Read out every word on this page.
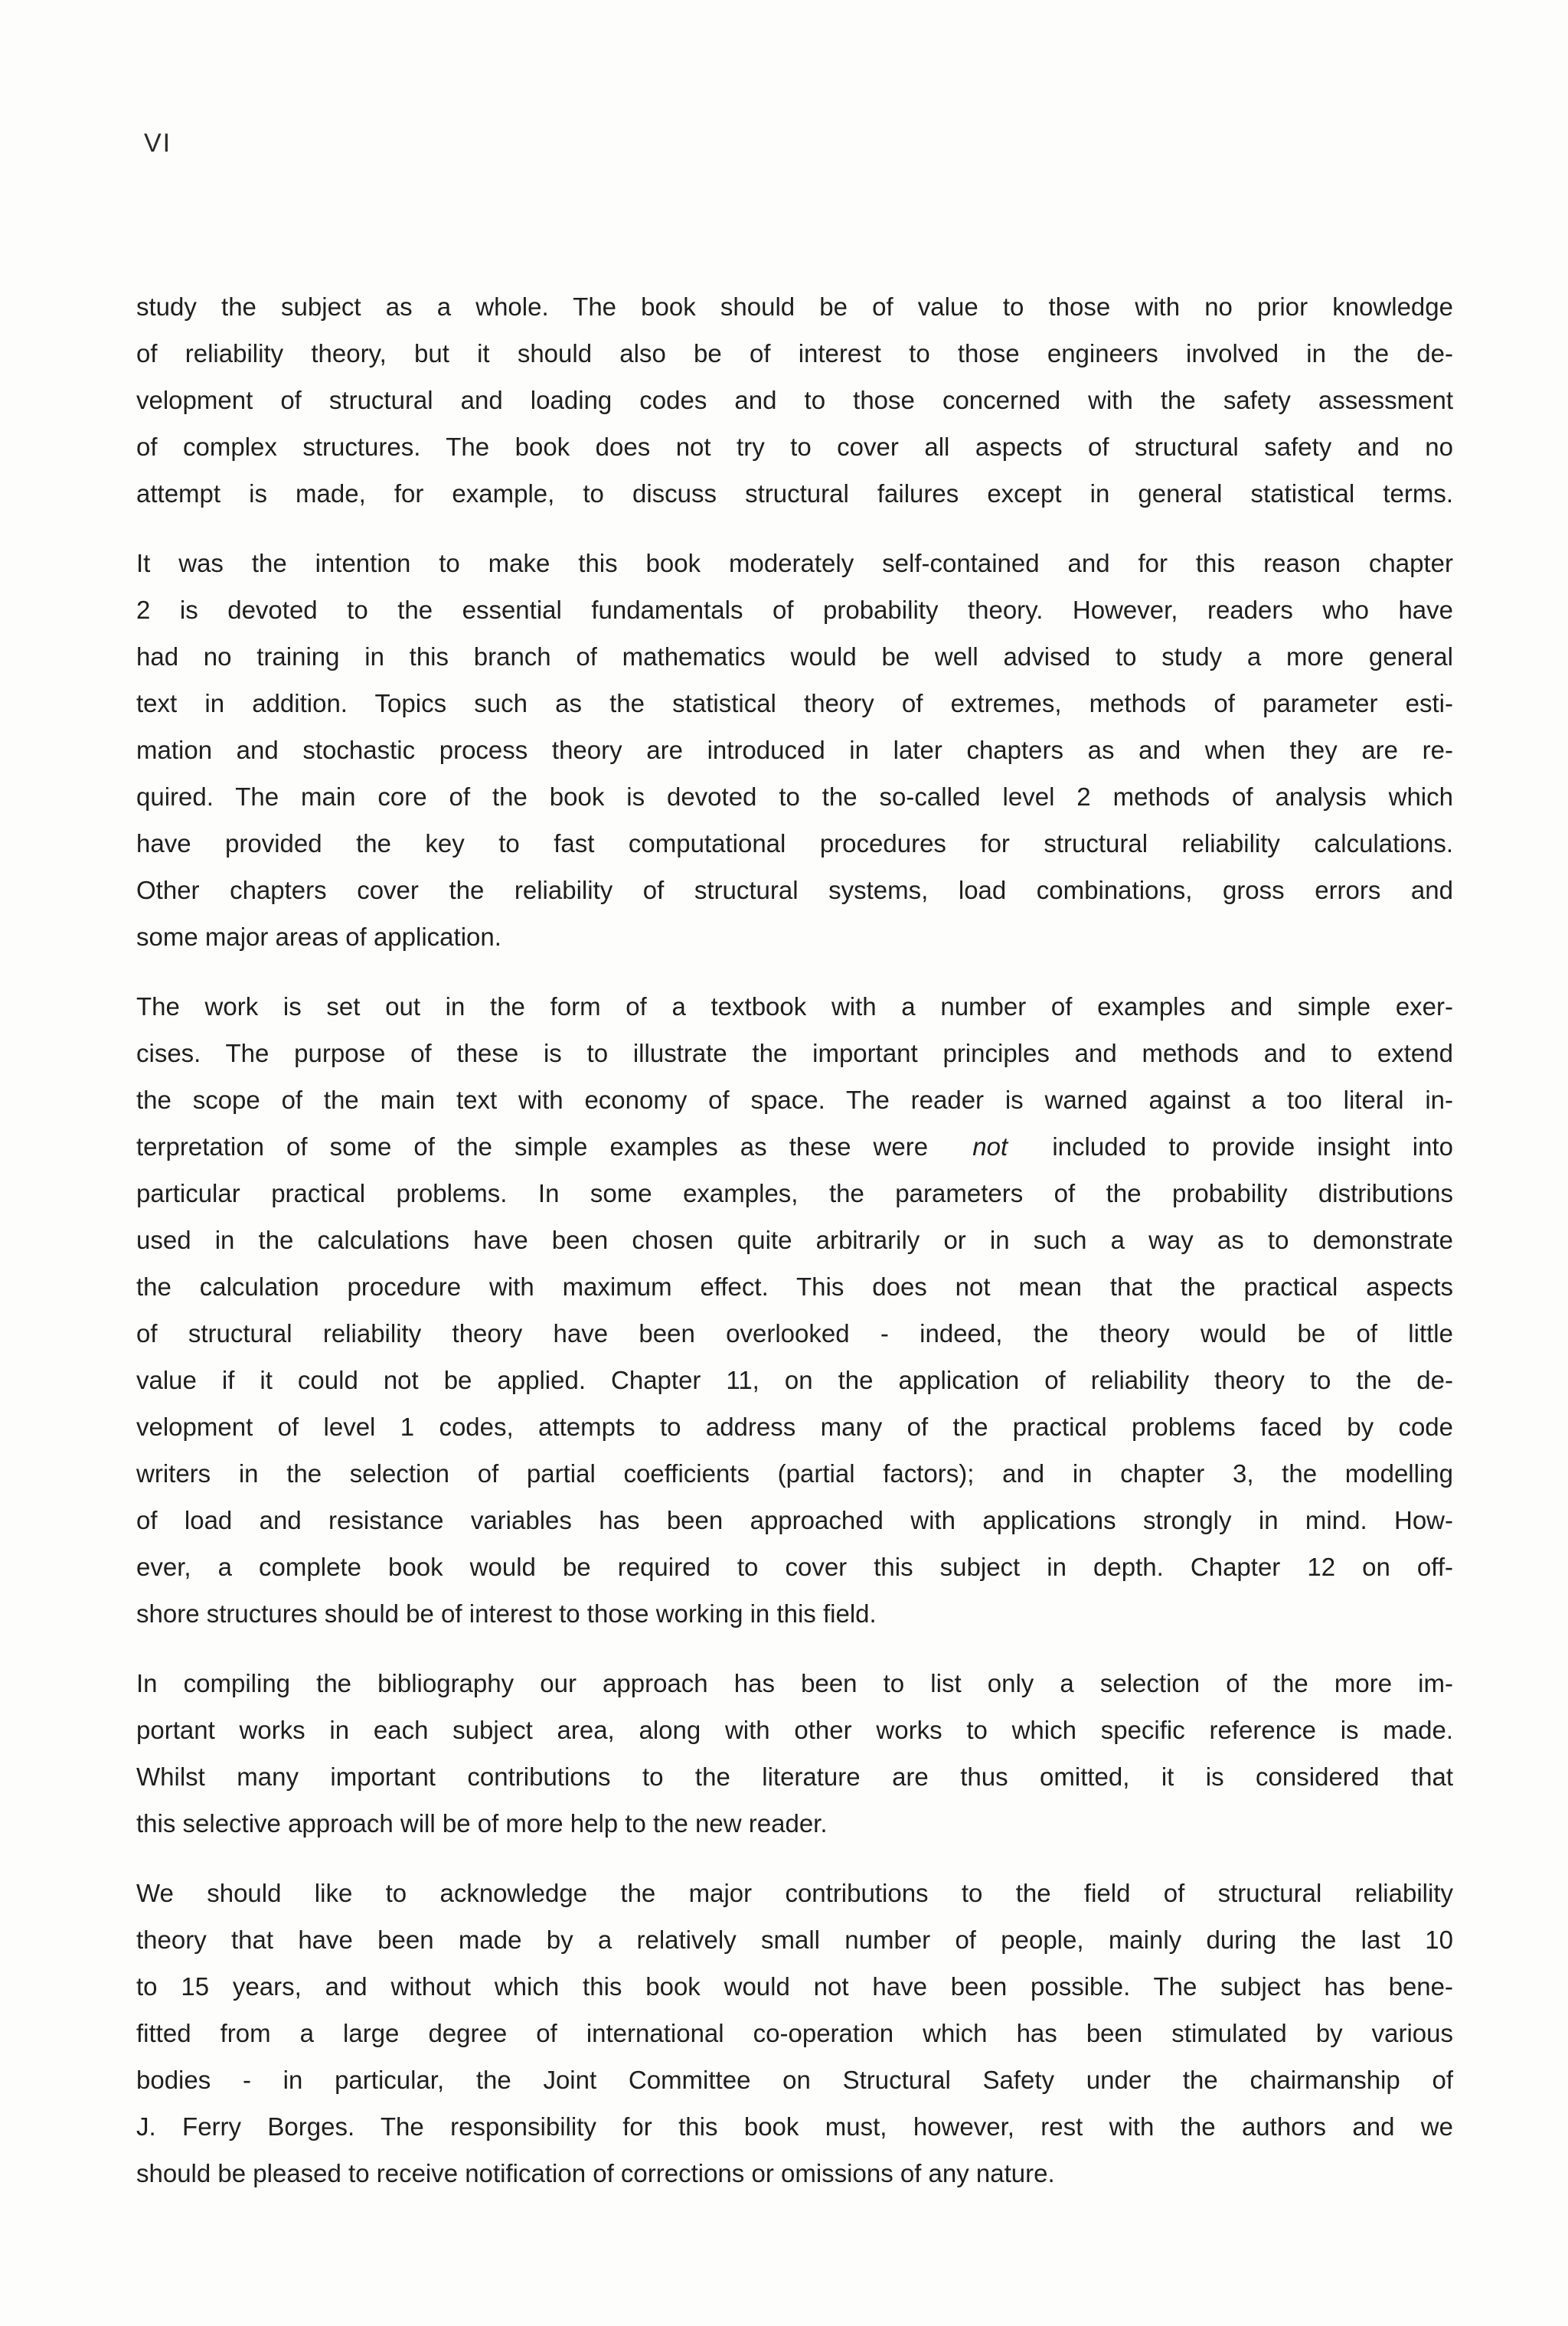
VI

study the subject as a whole. The book should be of value to those with no prior knowledge
of reliability theory, but it should also be of interest to those engineers involved in the de-
velopment of structural and loading codes and to those concerned with the safety assessment
of complex structures. The book does not try to cover all aspects of structural safety and no
attempt is made, for example, to discuss structural failures except in general statistical terms.

It was the intention to make this book moderately self-contained and for this reason chapter
2 is devoted to the essential fundamentals of probability theory. However, readers who have
had no training in this branch of mathematics would be well advised to study a more general
text in addition. Topics such as the statistical theory of extremes, methods of parameter esti-
mation and stochastic process theory are introduced in later chapters as and when they are re-
quired. The main core of the book is devoted to the so-called level 2 methods of analysis which
have provided the key to fast computational procedures for structural reliability calculations.
Other chapters cover the reliability of structural systems, load combinations, gross errors and
some major areas of application.

The work is set out in the form of a textbook with a number of examples and simple exer-
cises. The purpose of these is to illustrate the important principles and methods and to extend
the scope of the main text with economy of space. The reader is warned against a too literal in-
terpretation of some of the simple examples as these were not included to provide insight into
particular practical problems. In some examples, the parameters of the probability distributions
used in the calculations have been chosen quite arbitrarily or in such a way as to demonstrate
the calculation procedure with maximum effect. This does not mean that the practical aspects
of structural reliability theory have been overlooked - indeed, the theory would be of little
value if it could not be applied. Chapter 11, on the application of reliability theory to the de-
velopment of level 1 codes, attempts to address many of the practical problems faced by code
writers in the selection of partial coefficients (partial factors); and in chapter 3, the modelling
of load and resistance variables has been approached with applications strongly in mind. How-
ever, a complete book would be required to cover this subject in depth. Chapter 12 on off-
shore structures should be of interest to those working in this field.

In compiling the bibliography our approach has been to list only a selection of the more im-
portant works in each subject area, along with other works to which specific reference is made.
Whilst many important contributions to the literature are thus omitted, it is considered that
this selective approach will be of more help to the new reader.

We should like to acknowledge the major contributions to the field of structural reliability
theory that have been made by a relatively small number of people, mainly during the last 10
to 15 years, and without which this book would not have been possible. The subject has bene-
fitted from a large degree of international co-operation which has been stimulated by various
bodies - in particular, the Joint Committee on Structural Safety under the chairmanship of
J. Ferry Borges. The responsibility for this book must, however, rest with the authors and we
should be pleased to receive notification of corrections or omissions of any nature.
